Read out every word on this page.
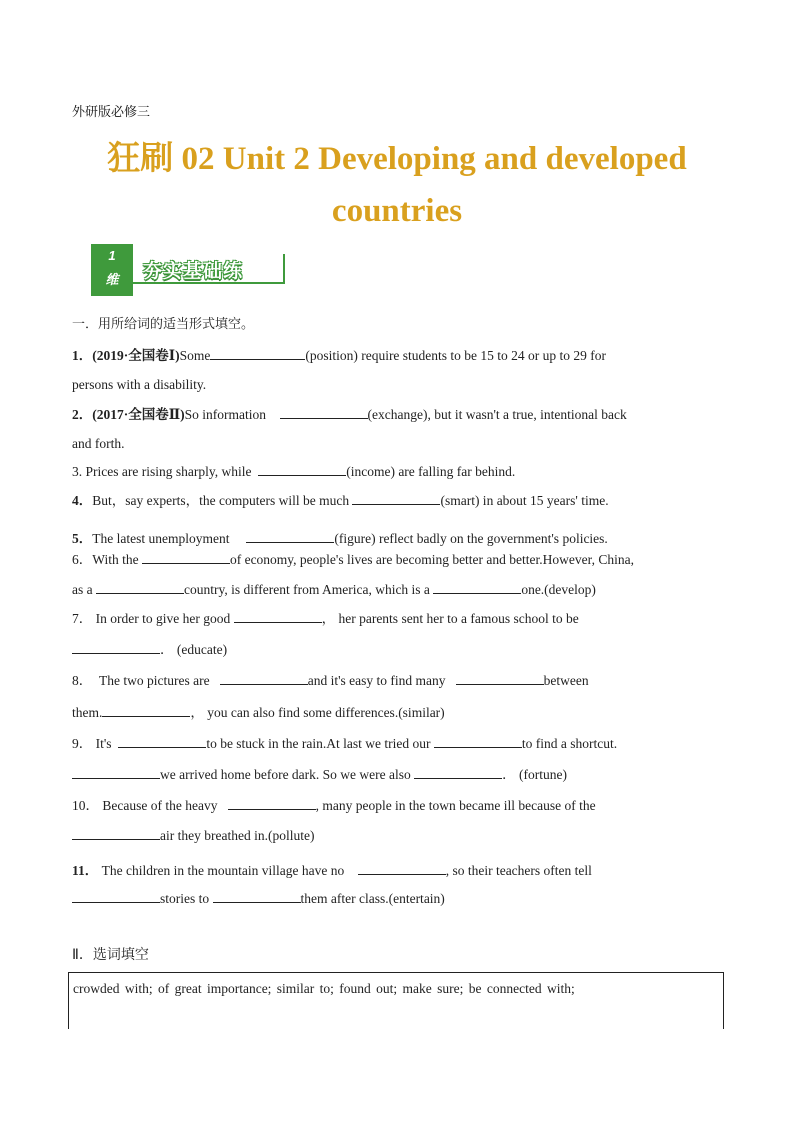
外研版必修三
狂刷 02 Unit 2 Developing and developed
countries
1
维	夯实基础练
一．用所给词的适当形式填空。
1．(2019·全国卷Ⅰ)Some	(position) require students to be 15 to 24 or up to 29 for
persons with a disability.
2．(2017·全国卷Ⅱ)So information	(exchange), but it wasn't a true, intentional back
and forth.
3. Prices are rising sharply, while	(income) are falling far behind.
4．But，say experts，the computers will be much	(smart) in about 15 years' time.
5．The latest unemployment	(figure) reflect badly on the government's policies.
6．With the	of economy, people's lives are becoming better and better.However, China,
as a	country, is different from America, which is a	one.(develop)
7． In order to give her good	， her parents sent her to a famous school to be
． (educate)
8． The two pictures are	and it's easy to find many	between
them.	， you can also find some differences.(similar)
9． It's	to be stuck in the rain.At last we tried our	to find a shortcut.
we arrived home before dark. So we were also	． (fortune)
10． Because of the heavy	, many people in the town became ill because of the
air they breathed in.(pollute)
11． The children in the mountain village have no	, so their teachers often tell
stories to	them after class.(entertain)
Ⅱ．选词填空
crowded with; of great importance; similar to; found out; make sure; be connected with;
